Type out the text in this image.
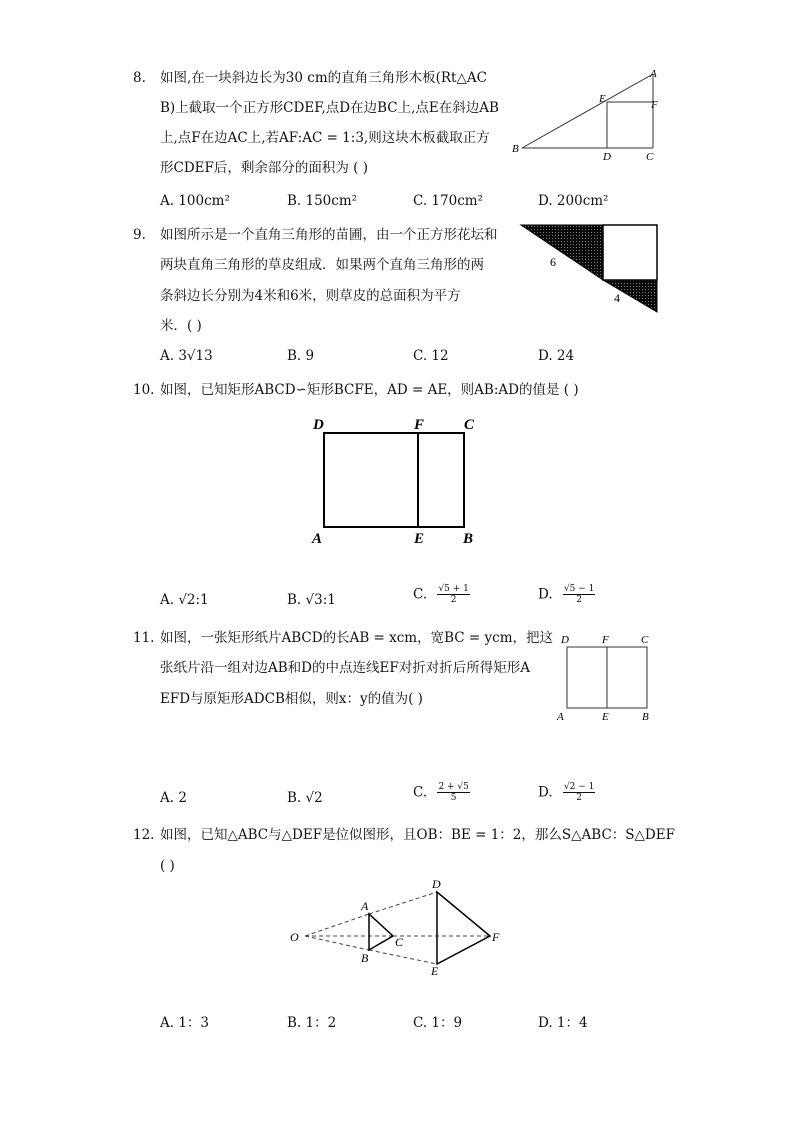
8. 如图,在一块斜边长为30 cm的直角三角形木板(Rt△AC
B)上截取一个正方形CDEF,点D在边BC上,点E在斜边AB
上,点F在边AC上,若AF:AC = 1:3,则这块木板截取正方
形CDEF后，剩余部分的面积为 ( )
A
B
C
D
E	F
A. 100cm²	B. 150cm²	C. 170cm²	D. 200cm²
9. 如图所示是一个直角三角形的苗圃，由一个正方形花坛和
两块直角三角形的草皮组成．如果两个直角三角形的两
条斜边长分别为4米和6米，则草皮的总面积为平方
米．( )
6
4
A. 3√13	B. 9	C. 12	D. 24
10. 如图，已知矩形ABCD∽矩形BCFE，AD = AE，则AB:AD的值是 ( )
D	F	C
A	E	B
A. √2:1	B. √3:1	C. $\frac{√5 + 1}{2}$	D. $\frac{√5 - 1}{2}$
11. 如图，一张矩形纸片ABCD的长AB = xcm，宽BC = ycm，把这
张纸片沿一组对边AB和D的中点连线EF对折对折后所得矩形A
EFD与原矩形ADCB相似，则x：y的值为( )
D	F	C
A	E	B
A. 2	B. √2	C. $\frac{2 + √5}{5}$	D. $\frac{√2 - 1}{2}$
12. 如图，已知△ABC与△DEF是位似图形，且OB：BE = 1：2，那么S△ABC：S△DEF
( )
O
A
B
C
D
E
F
A. 1：3	B. 1：2	C. 1：9	D. 1：4
